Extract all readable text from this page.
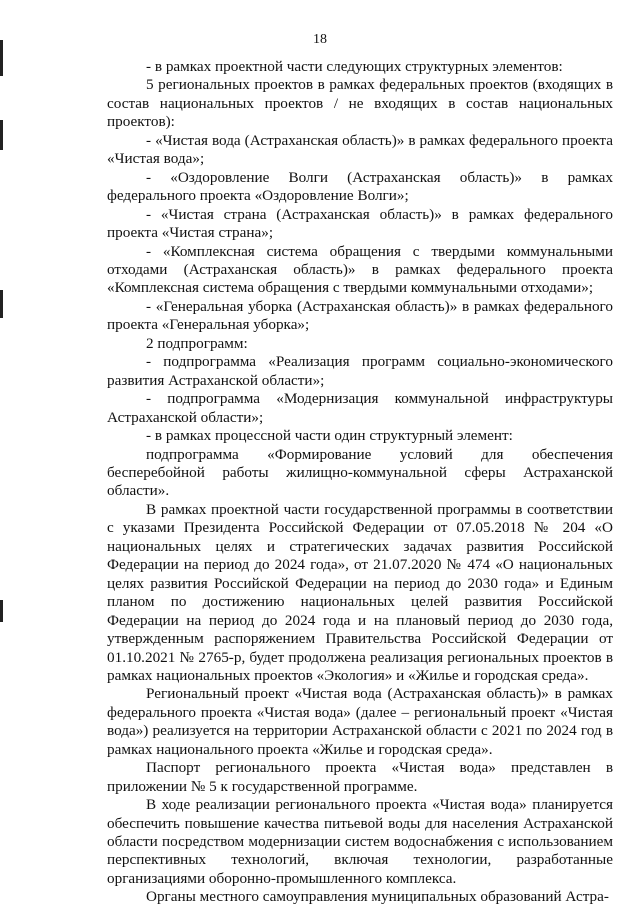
18

- в рамках проектной части следующих структурных элементов:

5 региональных проектов в рамках федеральных проектов (входящих в состав национальных проектов / не входящих в состав национальных проектов):

- «Чистая вода (Астраханская область)» в рамках федерального проекта «Чистая вода»;

- «Оздоровление Волги (Астраханская область)» в рамках федерального проекта «Оздоровление Волги»;

- «Чистая страна (Астраханская область)» в рамках федерального проекта «Чистая страна»;

- «Комплексная система обращения с твердыми коммунальными отходами (Астраханская область)» в рамках федерального проекта «Комплексная система обращения с твердыми коммунальными отходами»;

- «Генеральная уборка (Астраханская область)» в рамках федерального проекта «Генеральная уборка»;

2 подпрограмм:

- подпрограмма «Реализация программ социально-экономического развития Астраханской области»;

- подпрограмма «Модернизация коммунальной инфраструктуры Астраханской области»;

- в рамках процессной части один структурный элемент:

подпрограмма «Формирование условий для обеспечения бесперебойной работы жилищно-коммунальной сферы Астраханской области».

В рамках проектной части государственной программы в соответствии с указами Президента Российской Федерации от 07.05.2018 № 204 «О национальных целях и стратегических задачах развития Российской Федерации на период до 2024 года», от 21.07.2020 № 474 «О национальных целях развития Российской Федерации на период до 2030 года» и Единым планом по достижению национальных целей развития Российской Федерации на период до 2024 года и на плановый период до 2030 года, утвержденным распоряжением Правительства Российской Федерации от 01.10.2021 № 2765-р, будет продолжена реализация региональных проектов в рамках национальных проектов «Экология» и «Жилье и городская среда».

Региональный проект «Чистая вода (Астраханская область)» в рамках федерального проекта «Чистая вода» (далее – региональный проект «Чистая вода») реализуется на территории Астраханской области с 2021 по 2024 год в рамках национального проекта «Жилье и городская среда».

Паспорт регионального проекта «Чистая вода» представлен в приложении № 5 к государственной программе.

В ходе реализации регионального проекта «Чистая вода» планируется обеспечить повышение качества питьевой воды для населения Астраханской области посредством модернизации систем водоснабжения с использованием перспективных технологий, включая технологии, разработанные организациями оборонно-промышленного комплекса.

Органы местного самоуправления муниципальных образований Астра-
